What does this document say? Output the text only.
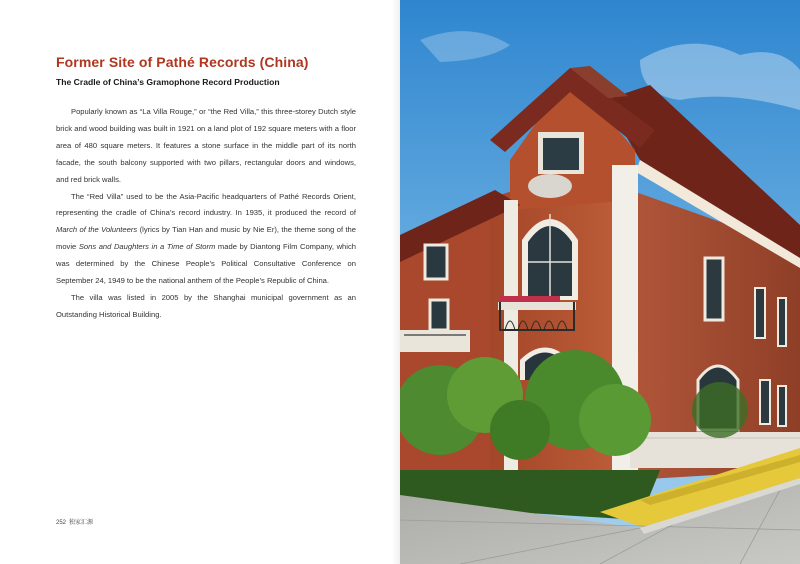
Former Site of Pathé Records (China)
The Cradle of China’s Gramophone Record Production

Popularly known as “La Villa Rouge,” or “the Red Villa,” this three-storey Dutch style brick and wood building was built in 1921 on a land plot of 192 square meters with a floor area of 480 square meters. It features a stone surface in the middle part of its north facade, the south balcony supported with two pillars, rectangular doors and windows, and red brick walls.

The “Red Villa” used to be the Asia-Pacific headquarters of Pathé Records Orient, representing the cradle of China’s record industry. In 1935, it produced the record of March of the Volunteers (lyrics by Tian Han and music by Nie Er), the theme song of the movie Sons and Daughters in a Time of Storm made by Diantong Film Company, which was determined by the Chinese People’s Political Consultative Conference on September 24, 1949 to be the national anthem of the People’s Republic of China.

The villa was listed in 2005 by the Shanghai municipal government as an Outstanding Historical Building.

252 独家汇源
